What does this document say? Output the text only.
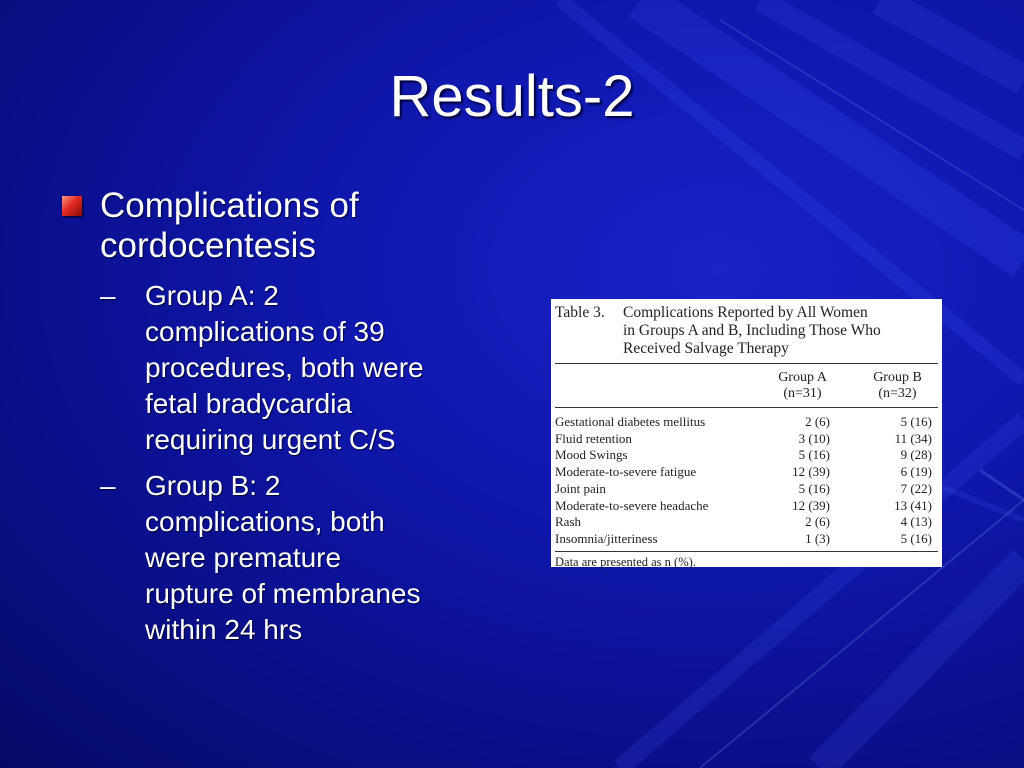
Results-2
Complications of
cordocentesis
– Group A: 2
complications of 39
procedures, both were
fetal bradycardia
requiring urgent C/S
– Group B: 2
complications, both
were premature
rupture of membranes
within 24 hrs
Table 3.	Complications Reported by All Women
in Groups A and B, Including Those Who
Received Salvage Therapy
Group A
(n=31)
Group B
(n=32)
Gestational diabetes mellitus	2 (6)	5 (16)
Fluid retention	3 (10)	11 (34)
Mood Swings	5 (16)	9 (28)
Moderate-to-severe fatigue	12 (39)	6 (19)
Joint pain	5 (16)	7 (22)
Moderate-to-severe headache	12 (39)	13 (41)
Rash	2 (6)	4 (13)
Insomnia/jitteriness	1 (3)	5 (16)
Data are presented as n (%).
